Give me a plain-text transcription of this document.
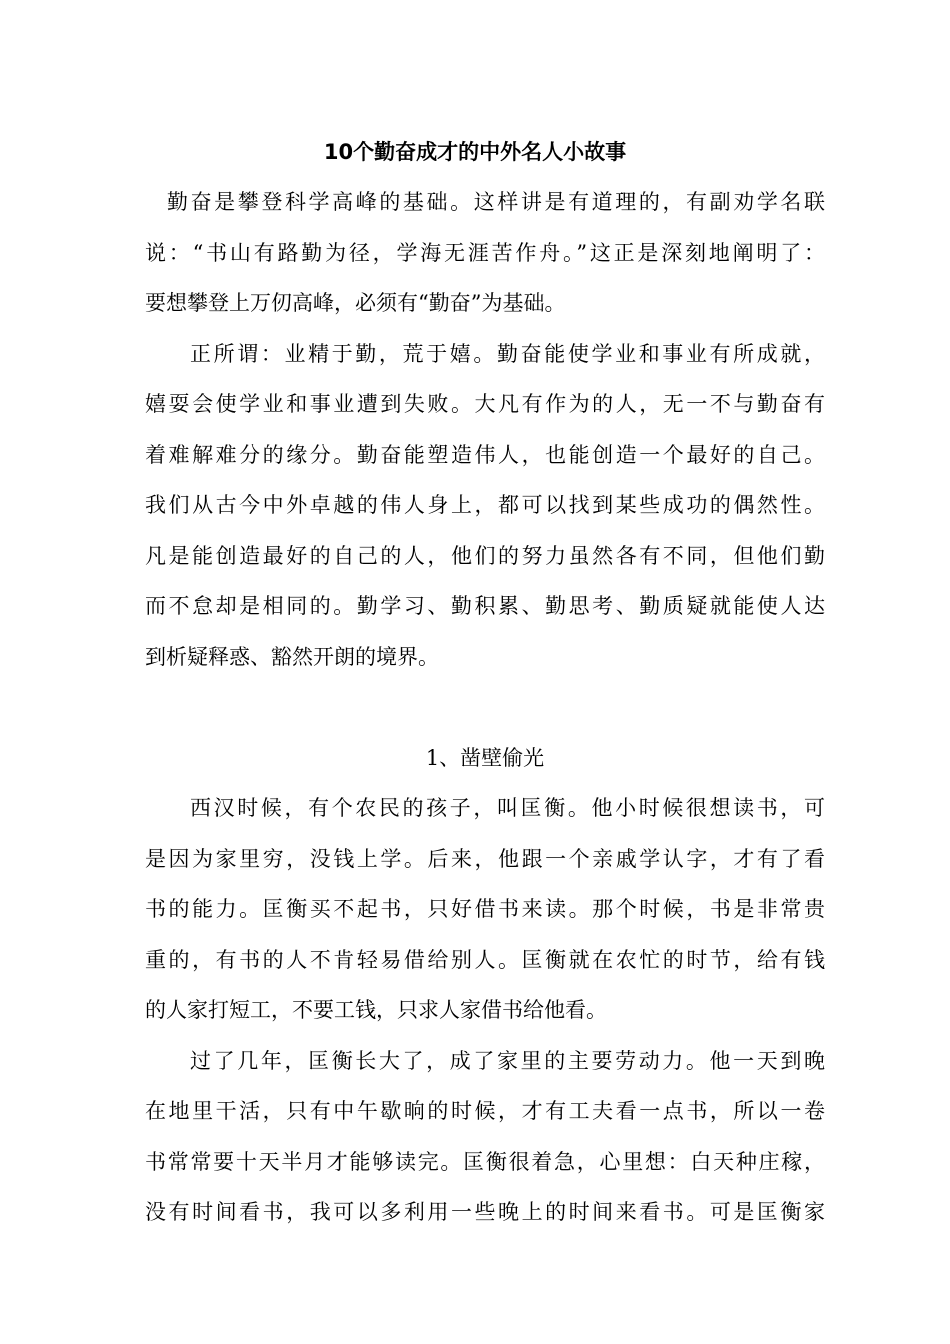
10个勤奋成才的中外名人小故事
勤奋是攀登科学高峰的基础。这样讲是有道理的，有副劝学名联
说：“书山有路勤为径，学海无涯苦作舟。”这正是深刻地阐明了：
要想攀登上万仞高峰，必须有“勤奋”为基础。
正所谓：业精于勤，荒于嬉。勤奋能使学业和事业有所成就，
嬉耍会使学业和事业遭到失败。大凡有作为的人，无一不与勤奋有
着难解难分的缘分。勤奋能塑造伟人，也能创造一个最好的自己。
我们从古今中外卓越的伟人身上，都可以找到某些成功的偶然性。
凡是能创造最好的自己的人，他们的努力虽然各有不同，但他们勤
而不怠却是相同的。勤学习、勤积累、勤思考、勤质疑就能使人达
到析疑释惑、豁然开朗的境界。
1、凿壁偷光
西汉时候，有个农民的孩子，叫匡衡。他小时候很想读书，可
是因为家里穷，没钱上学。后来，他跟一个亲戚学认字，才有了看
书的能力。匡衡买不起书，只好借书来读。那个时候，书是非常贵
重的，有书的人不肯轻易借给别人。匡衡就在农忙的时节，给有钱
的人家打短工，不要工钱，只求人家借书给他看。
过了几年，匡衡长大了，成了家里的主要劳动力。他一天到晚
在地里干活，只有中午歇晌的时候，才有工夫看一点书，所以一卷
书常常要十天半月才能够读完。匡衡很着急，心里想：白天种庄稼，
没有时间看书，我可以多利用一些晚上的时间来看书。可是匡衡家
